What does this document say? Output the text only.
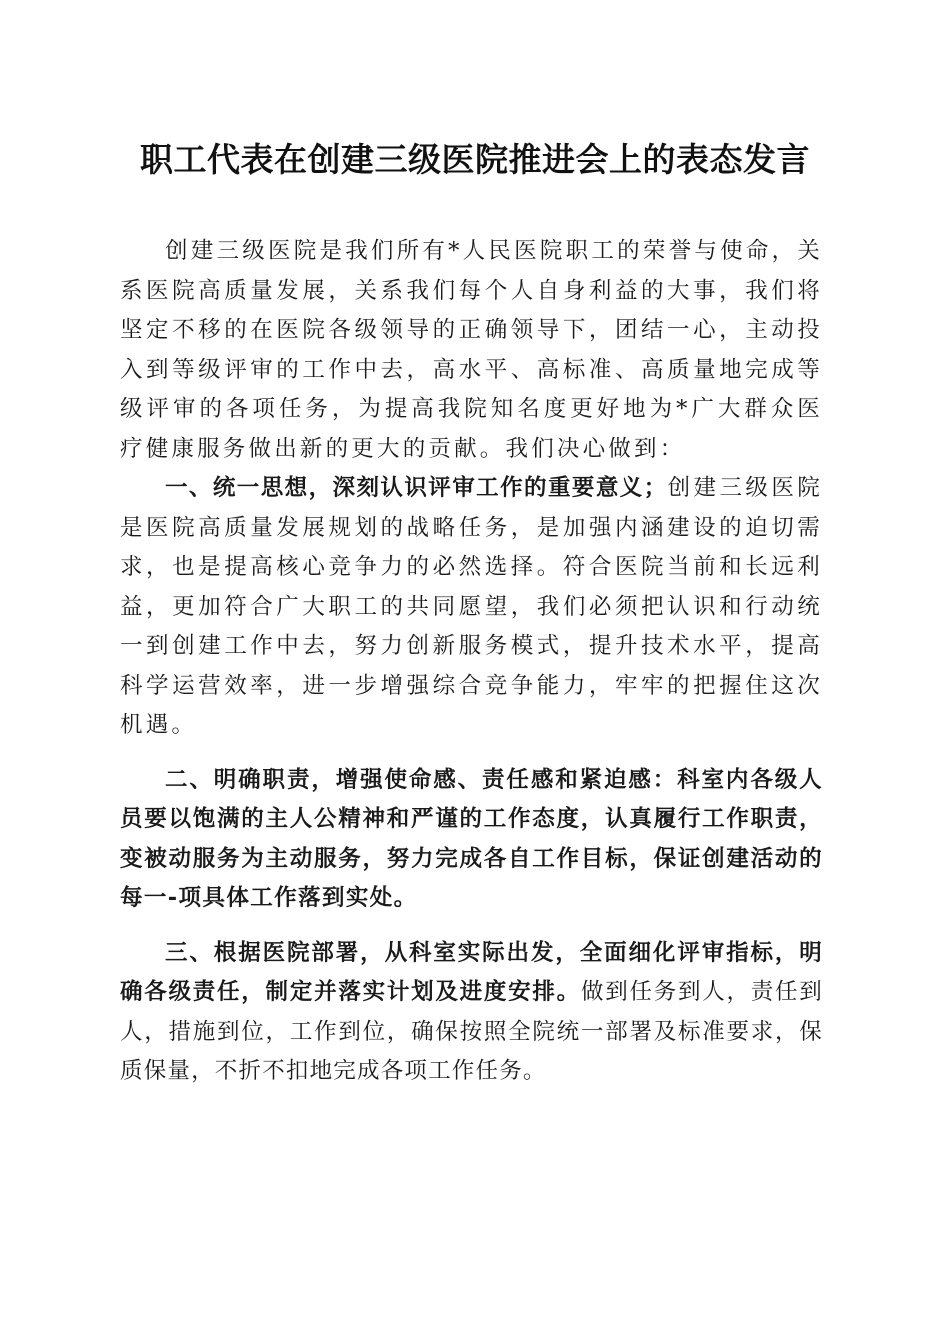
职工代表在创建三级医院推进会上的表态发言

创建三级医院是我们所有*人民医院职工的荣誉与使命，关系医院高质量发展，关系我们每个人自身利益的大事，我们将坚定不移的在医院各级领导的正确领导下，团结一心，主动投入到等级评审的工作中去，高水平、高标准、高质量地完成等级评审的各项任务，为提高我院知名度更好地为*广大群众医疗健康服务做出新的更大的贡献。我们决心做到：

一、统一思想，深刻认识评审工作的重要意义；创建三级医院是医院高质量发展规划的战略任务，是加强内涵建设的迫切需求，也是提高核心竞争力的必然选择。符合医院当前和长远利益，更加符合广大职工的共同愿望，我们必须把认识和行动统一到创建工作中去，努力创新服务模式，提升技术水平，提高科学运营效率，进一步增强综合竞争能力，牢牢的把握住这次机遇。

二、明确职责，增强使命感、责任感和紧迫感：科室内各级人员要以饱满的主人公精神和严谨的工作态度，认真履行工作职责，变被动服务为主动服务，努力完成各自工作目标，保证创建活动的每一-项具体工作落到实处。

三、根据医院部署，从科室实际出发，全面细化评审指标，明确各级责任，制定并落实计划及进度安排。做到任务到人，责任到人，措施到位，工作到位，确保按照全院统一部署及标准要求，保质保量，不折不扣地完成各项工作任务。
